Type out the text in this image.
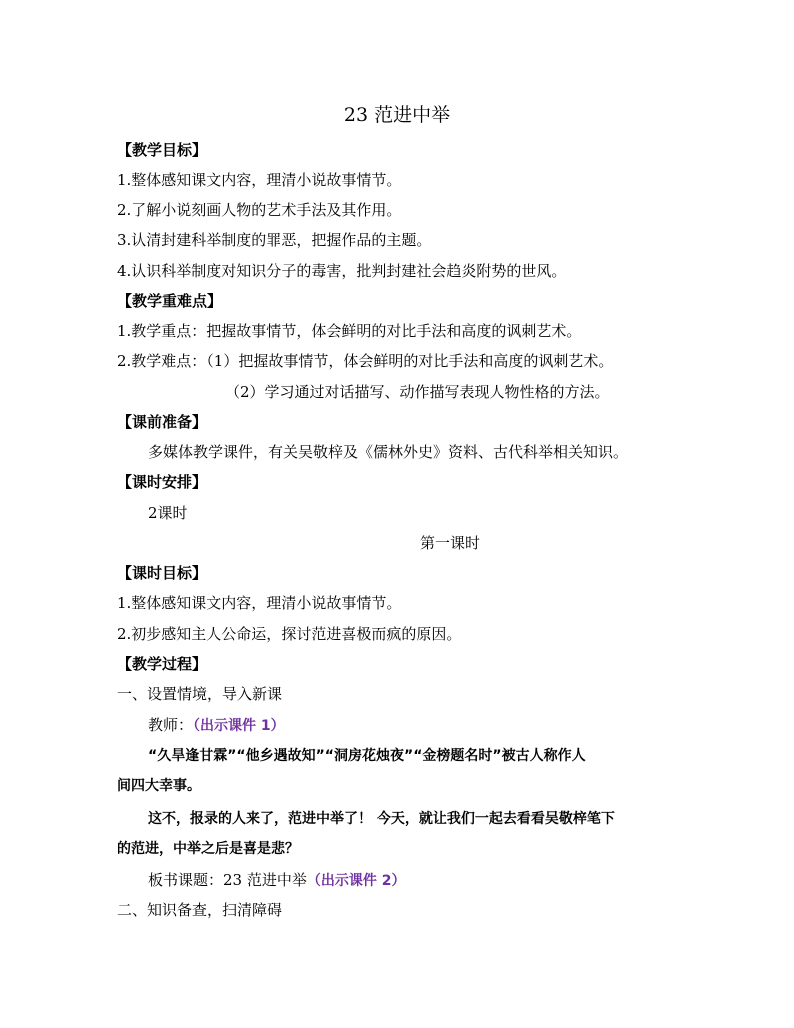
23 范进中举
【教学目标】
1.整体感知课文内容，理清小说故事情节。
2.了解小说刻画人物的艺术手法及其作用。
3.认清封建科举制度的罪恶，把握作品的主题。
4.认识科举制度对知识分子的毒害，批判封建社会趋炎附势的世风。
【教学重难点】
1.教学重点：把握故事情节，体会鲜明的对比手法和高度的讽刺艺术。
2.教学难点：（1）把握故事情节，体会鲜明的对比手法和高度的讽刺艺术。
（2）学习通过对话描写、动作描写表现人物性格的方法。
【课前准备】
多媒体教学课件，有关吴敬梓及《儒林外史》资料、古代科举相关知识。
【课时安排】
2课时
第一课时
【课时目标】
1.整体感知课文内容，理清小说故事情节。
2.初步感知主人公命运，探讨范进喜极而疯的原因。
【教学过程】
一、设置情境，导入新课
教师：（出示课件 1）
“久旱逢甘霖”“他乡遇故知”“洞房花烛夜”“金榜题名时”被古人称作人
间四大幸事。
这不，报录的人来了，范进中举了！ 今天，就让我们一起去看看吴敬梓笔下
的范进，中举之后是喜是悲？
板书课题：23 范进中举（出示课件 2）
二、知识备查，扫清障碍
